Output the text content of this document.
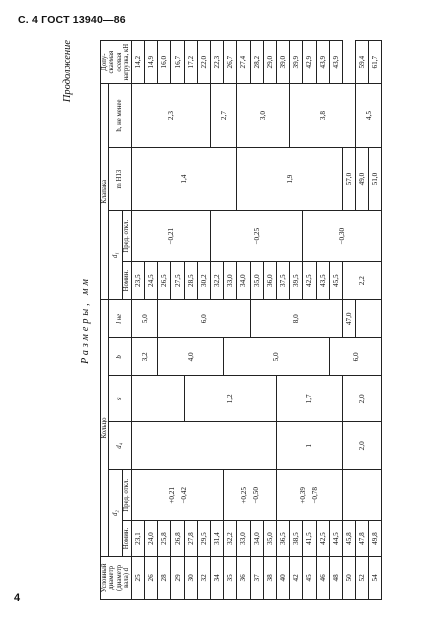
С. 4 ГОСТ 13940—86
4
Продолжение
Размеры, мм
Условный диаметр (диаметр вала) d	Кольцо						Клапака				Допу- скаемая осевая нагрузка, кН
	d₂		d₄	s	b	l не	d₁		m H13	h, не менее	
	Номин.	Пред. откл.					Номин.	Пред. откл.			
25	23,1	+0,21 −0,42			3,2	5,0	23,5	−0,21	1,4	2,3	14,2
26	24,0						24,5				14,9
28	25,8				4,0	6,0	26,5				16,0
29	26,8						27,5				16,7
30	27,8			1,2			28,5				17,2
32	29,5						30,2				22,0
34	31,4						32,2	−0,25		2,7	22,3
35	32,2	+0,25 −0,50			5,0		33,0				26,7
36	33,0						34,0		1,9	3,0	27,4
37	34,0					8,0	35,0				28,2
38	35,0						36,0				29,0
40	36,5	+0,39 −0,78	1	1,7			37,5				39,0
42	38,5						39,5			3,8	39,9
45	41,5						42,5	−0,30			42,9
46	42,5						43,5				43,9
48	44,5				6,0		45,5				43,9
50	45,8		2,0	2,0		47,0	2,2		57,0		
52	47,8								49,0	4,5	59,4
54	49,8								51,0		61,7
